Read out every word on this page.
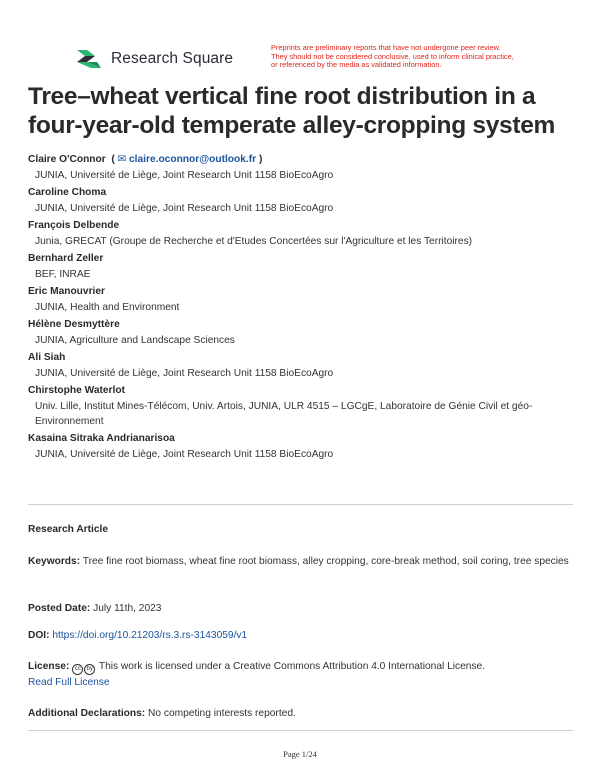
Research Square
Preprints are preliminary reports that have not undergone peer review.
They should not be considered conclusive, used to inform clinical practice,
or referenced by the media as validated information.
Tree–wheat vertical fine root distribution in a four-year-old temperate alley-cropping system
Claire O'Connor  ( ✉ claire.oconnor@outlook.fr )
JUNIA, Université de Liège, Joint Research Unit 1158 BioEcoAgro
Caroline Choma
JUNIA, Université de Liège, Joint Research Unit 1158 BioEcoAgro
François Delbende
Junia, GRECAT (Groupe de Recherche et d'Etudes Concertées sur l'Agriculture et les Territoires)
Bernhard Zeller
BEF, INRAE
Eric Manouvrier
JUNIA, Health and Environment
Hélène Desmyttère
JUNIA, Agriculture and Landscape Sciences
Ali Siah
JUNIA, Université de Liège, Joint Research Unit 1158 BioEcoAgro
Chirstophe Waterlot
Univ. Lille, Institut Mines-Télécom, Univ. Artois, JUNIA, ULR 4515 – LGCgE, Laboratoire de Génie Civil et géo-Environnement
Kasaina Sitraka Andrianarisoa
JUNIA, Université de Liège, Joint Research Unit 1158 BioEcoAgro
Research Article
Keywords: Tree fine root biomass, wheat fine root biomass, alley cropping, core-break method, soil coring, tree species
Posted Date: July 11th, 2023
DOI: https://doi.org/10.21203/rs.3.rs-3143059/v1
License: cc by This work is licensed under a Creative Commons Attribution 4.0 International License.
Read Full License
Additional Declarations: No competing interests reported.
Page 1/24
